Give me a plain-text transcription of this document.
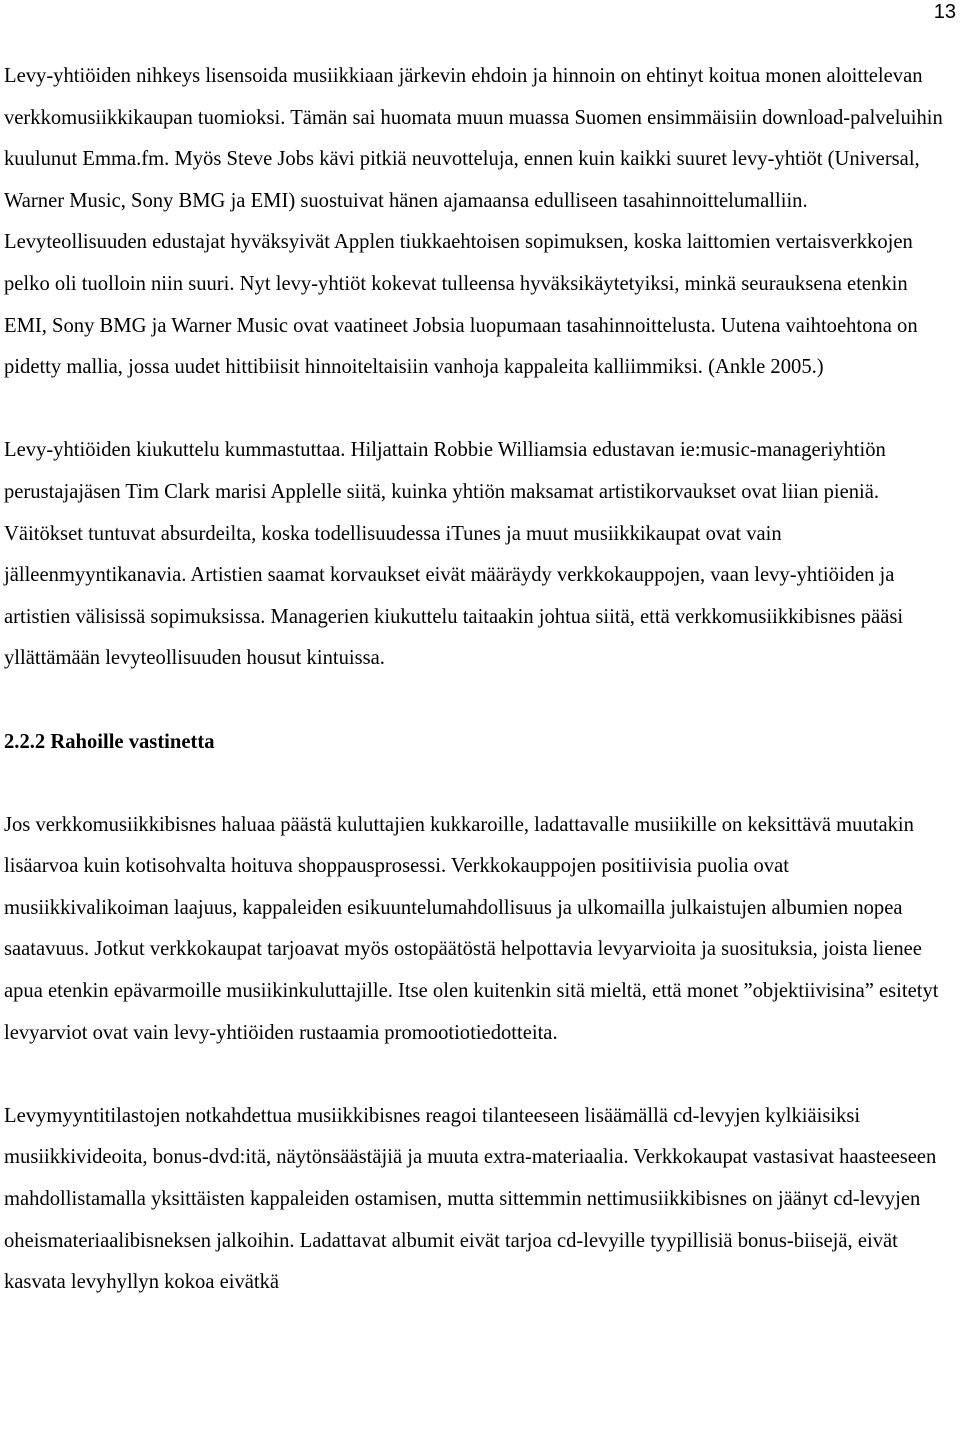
13

Levy-yhtiöiden nihkeys lisensoida musiikkiaan järkevin ehdoin ja hinnoin on ehtinyt koitua monen aloittelevan verkkomusiikkikaupan tuomioksi. Tämän sai huomata muun muassa Suomen ensimmäisiin download-palveluihin kuulunut Emma.fm. Myös Steve Jobs kävi pitkiä neuvotteluja, ennen kuin kaikki suuret levy-yhtiöt (Universal, Warner Music, Sony BMG ja EMI) suostuivat hänen ajamaansa edulliseen tasahinnoittelumalliin. Levyteollisuuden edustajat hyväksyivät Applen tiukkaehtoisen sopimuksen, koska laittomien vertaisverkkojen pelko oli tuolloin niin suuri. Nyt levy-yhtiöt kokevat tulleensa hyväksikäytetyiksi, minkä seurauksena etenkin EMI, Sony BMG ja Warner Music ovat vaatineet Jobsia luopumaan tasahinnoittelusta. Uutena vaihtoehtona on pidetty mallia, jossa uudet hittibiisit hinnoiteltaisiin vanhoja kappaleita kalliimmiksi. (Ankle 2005.)

Levy-yhtiöiden kiukuttelu kummastuttaa. Hiljattain Robbie Williamsia edustavan ie:music-manageriyhtiön perustajajäsen Tim Clark marisi Applelle siitä, kuinka yhtiön maksamat artistikorvaukset ovat liian pieniä. Väitökset tuntuvat absurdeilta, koska todellisuudessa iTunes ja muut musiikkikaupat ovat vain jälleenmyyntikanavia. Artistien saamat korvaukset eivät määräydy verkkokauppojen, vaan levy-yhtiöiden ja artistien välisissä sopimuksissa. Managerien kiukuttelu taitaakin johtua siitä, että verkkomusiikkibisnes pääsi yllättämään levyteollisuuden housut kintuissa.

2.2.2 Rahoille vastinetta

Jos verkkomusiikkibisnes haluaa päästä kuluttajien kukkaroille, ladattavalle musiikille on keksittävä muutakin lisäarvoa kuin kotisohvalta hoituva shoppausprosessi. Verkkokauppojen positiivisia puolia ovat musiikkivalikoiman laajuus, kappaleiden esikuuntelumahdollisuus ja ulkomailla julkaistujen albumien nopea saatavuus. Jotkut verkkokaupat tarjoavat myös ostopäätöstä helpottavia levyarvioita ja suosituksia, joista lienee apua etenkin epävarmoille musiikinkuluttajille. Itse olen kuitenkin sitä mieltä, että monet ”objektiivisina” esitetyt levyarviot ovat vain levy-yhtiöiden rustaamia promootiotiedotteita.

Levymyyntitilastojen notkahdettua musiikkibisnes reagoi tilanteeseen lisäämällä cd-levyjen kylkiäisiksi musiikkivideoita, bonus-dvd:itä, näytönsäästäjiä ja muuta extra-materiaalia. Verkkokaupat vastasivat haasteeseen mahdollistamalla yksittäisten kappaleiden ostamisen, mutta sittemmin nettimusiikkibisnes on jäänyt cd-levyjen oheismateriaalibisneksen jalkoihin. Ladattavat albumit eivät tarjoa cd-levyille tyypillisiä bonus-biisejä, eivät kasvata levyhyllyn kokoa eivätkä
